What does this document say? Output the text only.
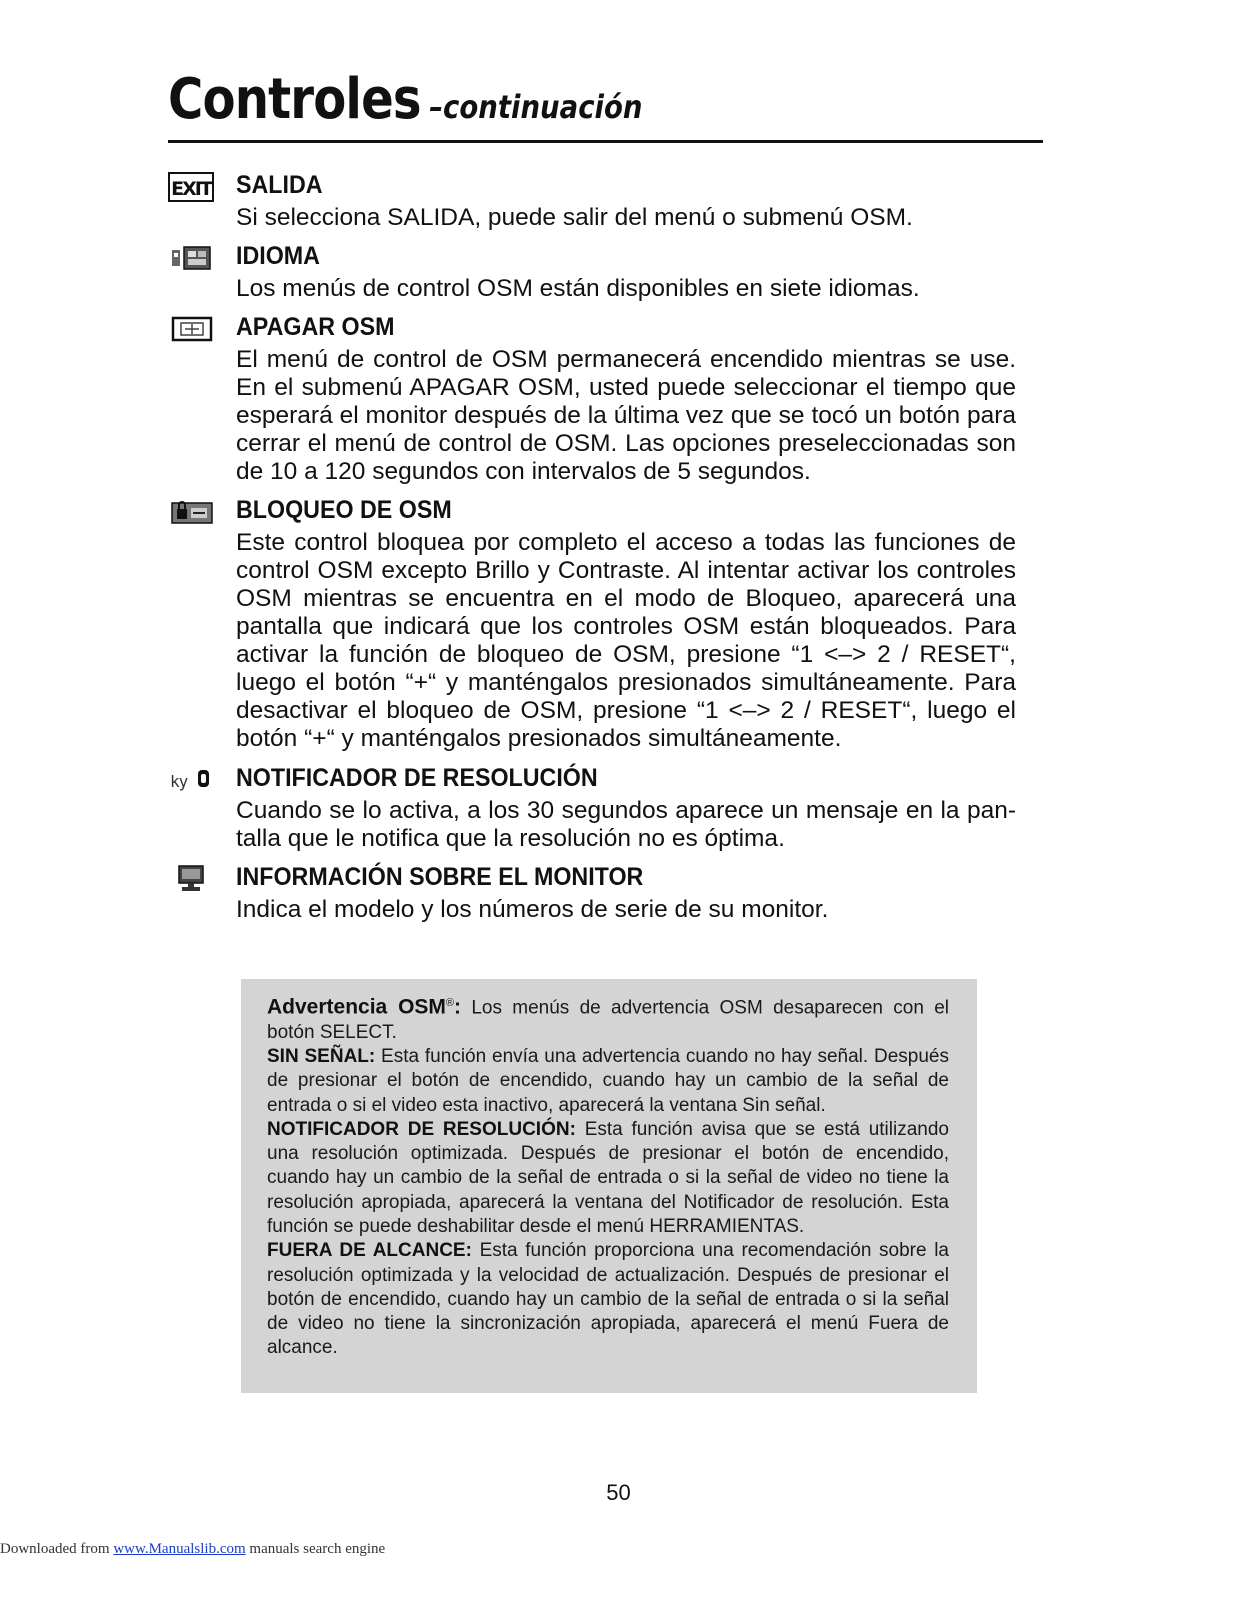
Controles –continuación
EXIT SALIDA
Si selecciona SALIDA, puede salir del menú o submenú OSM.
IDIOMA
Los menús de control OSM están disponibles en siete idiomas.
APAGAR OSM
El menú de control de OSM permanecerá encendido mientras se use. En el submenú APAGAR OSM, usted puede seleccionar el tiempo que esperará el monitor después de la última vez que se tocó un botón para cerrar el menú de control de OSM. Las opciones preseleccionadas son de 10 a 120 segundos con intervalos de 5 segundos.
BLOQUEO DE OSM
Este control bloquea por completo el acceso a todas las funciones de control OSM excepto Brillo y Contraste. Al intentar activar los controles OSM mientras se encuentra en el modo de Bloqueo, aparecerá una pantalla que indicará que los controles OSM están bloqueados. Para activar la función de bloqueo de OSM, presione “1 <–> 2 / RESET“, luego el botón “+“ y manténgalos presionados simultáneamente. Para desactivar el bloqueo de OSM, presione “1 <–> 2 / RESET“, luego el botón “+“ y manténgalos presionados simultáneamente.
ky NOTIFICADOR DE RESOLUCIÓN
Cuando se lo activa, a los 30 segundos aparece un mensaje en la pantalla que le notifica que la resolución no es óptima.
INFORMACIÓN SOBRE EL MONITOR
Indica el modelo y los números de serie de su monitor.
Advertencia OSM®: Los menús de advertencia OSM desaparecen con el botón SELECT.
SIN SEÑAL: Esta función envía una advertencia cuando no hay señal. Después de presionar el botón de encendido, cuando hay un cambio de la señal de entrada o si el video esta inactivo, aparecerá la ventana Sin señal.
NOTIFICADOR DE RESOLUCIÓN: Esta función avisa que se está utilizando una resolución optimizada. Después de presionar el botón de encendido, cuando hay un cambio de la señal de entrada o si la señal de video no tiene la resolución apropiada, aparecerá la ventana del Notificador de resolución. Esta función se puede deshabilitar desde el menú HERRAMIENTAS.
FUERA DE ALCANCE: Esta función proporciona una recomendación sobre la resolución optimizada y la velocidad de actualización. Después de presionar el botón de encendido, cuando hay un cambio de la señal de entrada o si la señal de video no tiene la sincronización apropiada, aparecerá el menú Fuera de alcance.
50
Downloaded from www.Manualslib.com manuals search engine
